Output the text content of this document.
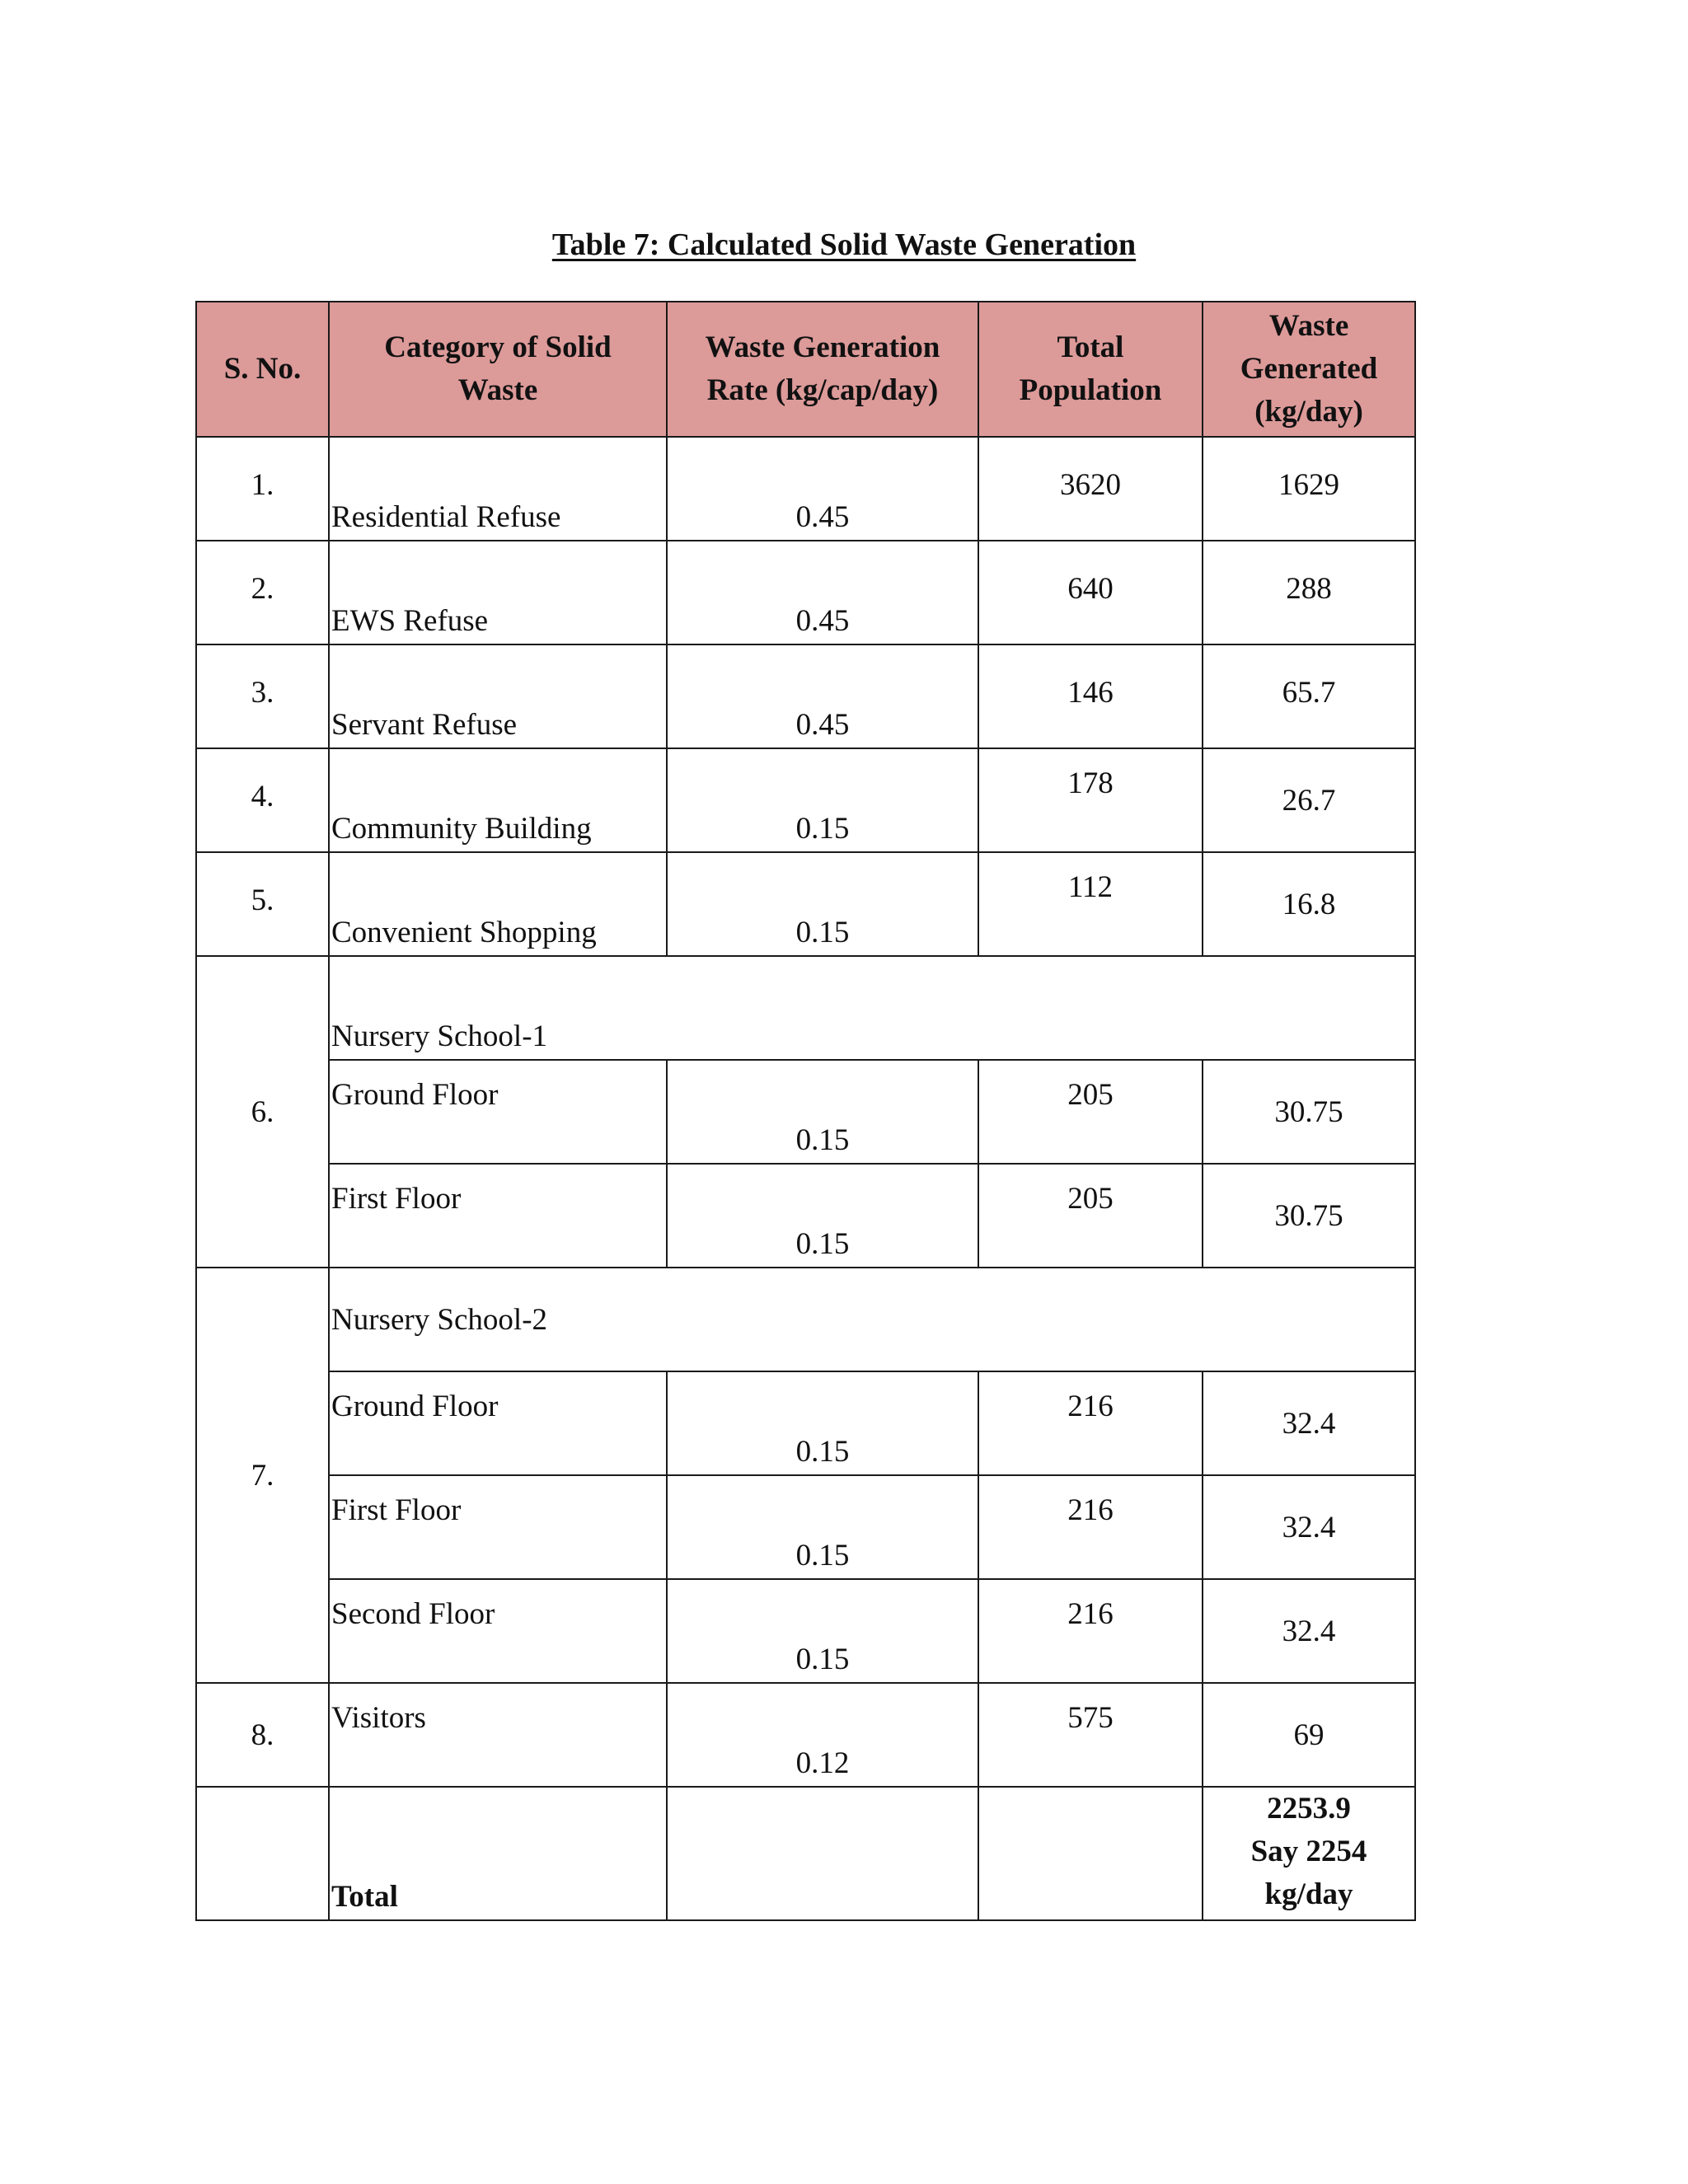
Table 7: Calculated Solid Waste Generation
S. No.	Category of Solid Waste	Waste Generation Rate (kg/cap/day)	Total Population	Waste Generated (kg/day)

1.	Residential Refuse	0.45	3620	1629

2.	EWS Refuse	0.45	640	288

3.	Servant Refuse	0.45	146	65.7

4.	Community Building	0.15	178	26.7

5.	Convenient Shopping	0.15	112	16.8
6.	Nursery School-1			

	Ground Floor	0.15	205	30.75

	First Floor	0.15	205	30.75
7.	Nursery School-2			

	Ground Floor	0.15	216	32.4

	First Floor	0.15	216	32.4

	Second Floor	0.15	216	32.4
8.	Visitors	0.12	575	69

	Total			2253.9
Say 2254
kg/day
